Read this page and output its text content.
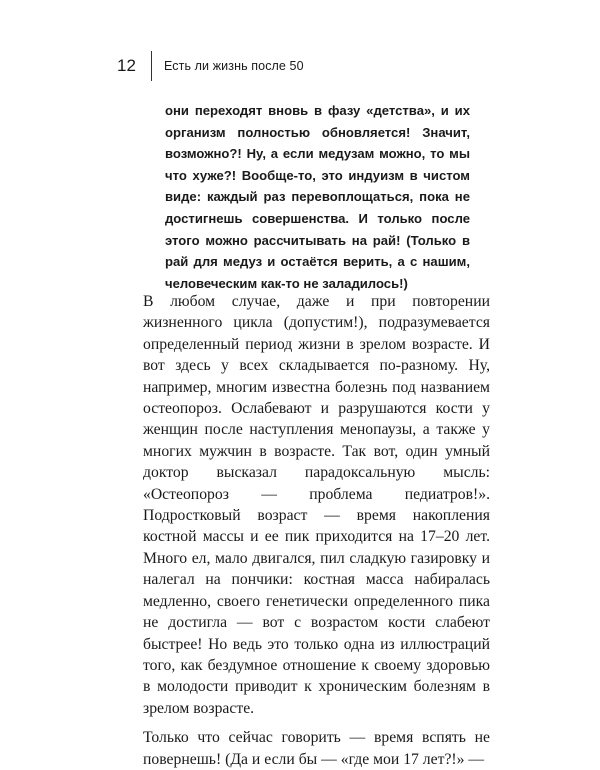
12	Есть ли жизнь после 50

они переходят вновь в фазу «детства», и их организм полностью обновляется! Значит, возможно?! Ну, а если медузам можно, то мы что хуже?! Вообще-то, это индуизм в чистом виде: каждый раз перевоплощаться, пока не достигнешь совершенства. И только после этого можно рассчитывать на рай! (Только в рай для медуз и остаётся верить, а с нашим, человеческим как-то не заладилось!)

В любом случае, даже и при повторении жизненного цикла (допустим!), подразумевается определенный период жизни в зрелом возрасте. И вот здесь у всех складывается по-разному. Ну, например, многим известна болезнь под названием остеопороз. Ослабевают и разрушаются кости у женщин после наступления менопаузы, а также у многих мужчин в возрасте. Так вот, один умный доктор высказал парадоксальную мысль: «Остеопороз — проблема педиатров!». Подростковый возраст — время накопления костной массы и ее пик приходится на 17–20 лет. Много ел, мало двигался, пил сладкую газировку и налегал на пончики: костная масса набиралась медленно, своего генетически определенного пика не достигла — вот с возрастом кости слабеют быстрее! Но ведь это только одна из иллюстраций того, как бездумное отношение к своему здоровью в молодости приводит к хроническим болезням в зрелом возрасте.

Только что сейчас говорить — время вспять не повернешь! (Да и если бы — «где мои 17 лет?!» —
